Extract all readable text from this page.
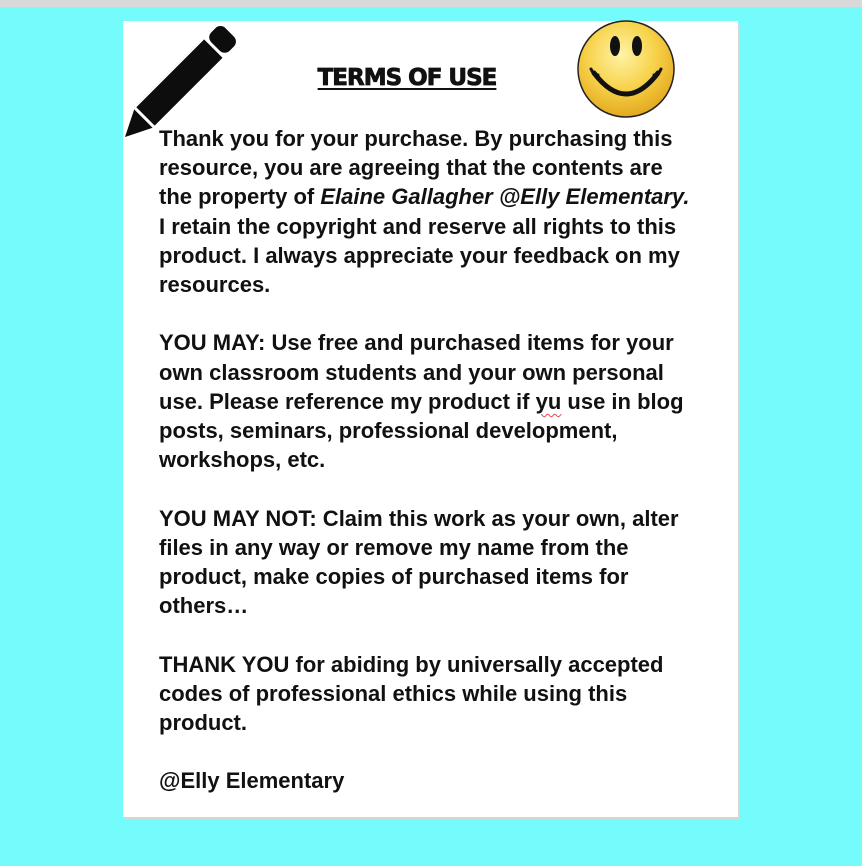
TERMS OF USE

Thank you for your purchase. By purchasing this resource, you are agreeing that the contents are the property of Elaine Gallagher @Elly Elementary. I retain the copyright and reserve all rights to this product. I always appreciate your feedback on my resources.

YOU MAY: Use free and purchased items for your own classroom students and your own personal use. Please reference my product if yu use in blog posts, seminars, professional development, workshops, etc.

YOU MAY NOT: Claim this work as your own, alter files in any way or remove my name from the product, make copies of purchased items for others…

THANK YOU for abiding by universally accepted codes of professional ethics while using this product.

@Elly Elementary
